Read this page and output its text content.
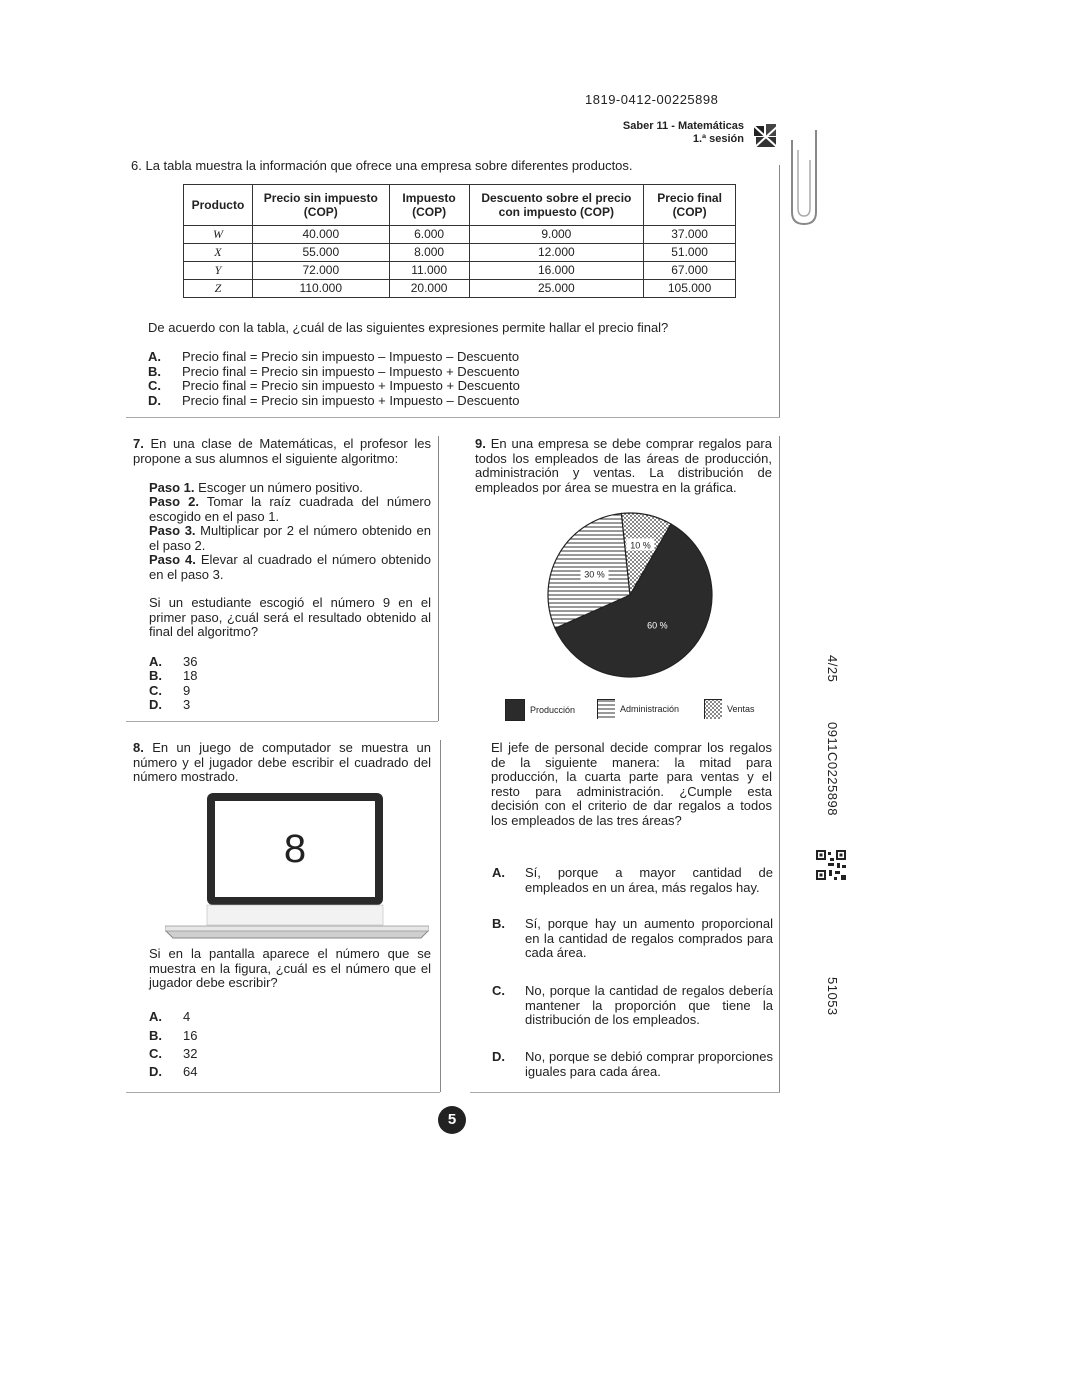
1819-0412-00225898
Saber 11 - Matemáticas
1.ª sesión
6. La tabla muestra la información que ofrece una empresa sobre diferentes productos.
Producto	Precio sin impuesto (COP)	Impuesto (COP)	Descuento sobre el precio con impuesto (COP)	Precio final (COP)
W	40.000	6.000	9.000	37.000
X	55.000	8.000	12.000	51.000
Y	72.000	11.000	16.000	67.000
Z	110.000	20.000	25.000	105.000
De acuerdo con la tabla, ¿cuál de las siguientes expresiones permite hallar el precio final?
A. Precio final = Precio sin impuesto – Impuesto – Descuento
B. Precio final = Precio sin impuesto – Impuesto + Descuento
C. Precio final = Precio sin impuesto + Impuesto + Descuento
D. Precio final = Precio sin impuesto + Impuesto – Descuento
7. En una clase de Matemáticas, el profesor les propone a sus alumnos el siguiente algoritmo:
Paso 1. Escoger un número positivo.
Paso 2. Tomar la raíz cuadrada del número escogido en el paso 1.
Paso 3. Multiplicar por 2 el número obtenido en el paso 2.
Paso 4. Elevar al cuadrado el número obtenido en el paso 3.
Si un estudiante escogió el número 9 en el primer paso, ¿cuál será el resultado obtenido al final del algoritmo?
A. 36
B. 18
C. 9
D. 3
8. En un juego de computador se muestra un número y el jugador debe escribir el cuadrado del número mostrado.
8
Si en la pantalla aparece el número que se muestra en la figura, ¿cuál es el número que el jugador debe escribir?
A. 4
B. 16
C. 32
D. 64
9. En una empresa se debe comprar regalos para todos los empleados de las áreas de producción, administración y ventas. La distribución de empleados por área se muestra en la gráfica.
60 %
30 %
10 %
Producción	Administración	Ventas
El jefe de personal decide comprar los regalos de la siguiente manera: la mitad para producción, la cuarta parte para ventas y el resto para administración. ¿Cumple esta decisión con el criterio de dar regalos a todos los empleados de las tres áreas?
A.	Sí, porque a mayor cantidad de empleados en un área, más regalos hay.
B.	Sí, porque hay un aumento proporcional en la cantidad de regalos comprados para cada área.
C.	No, porque la cantidad de regalos debería mantener la proporción que tiene la distribución de los empleados.
D.	No, porque se debió comprar proporciones iguales para cada área.
4/25
0911C0225898
51053
5
